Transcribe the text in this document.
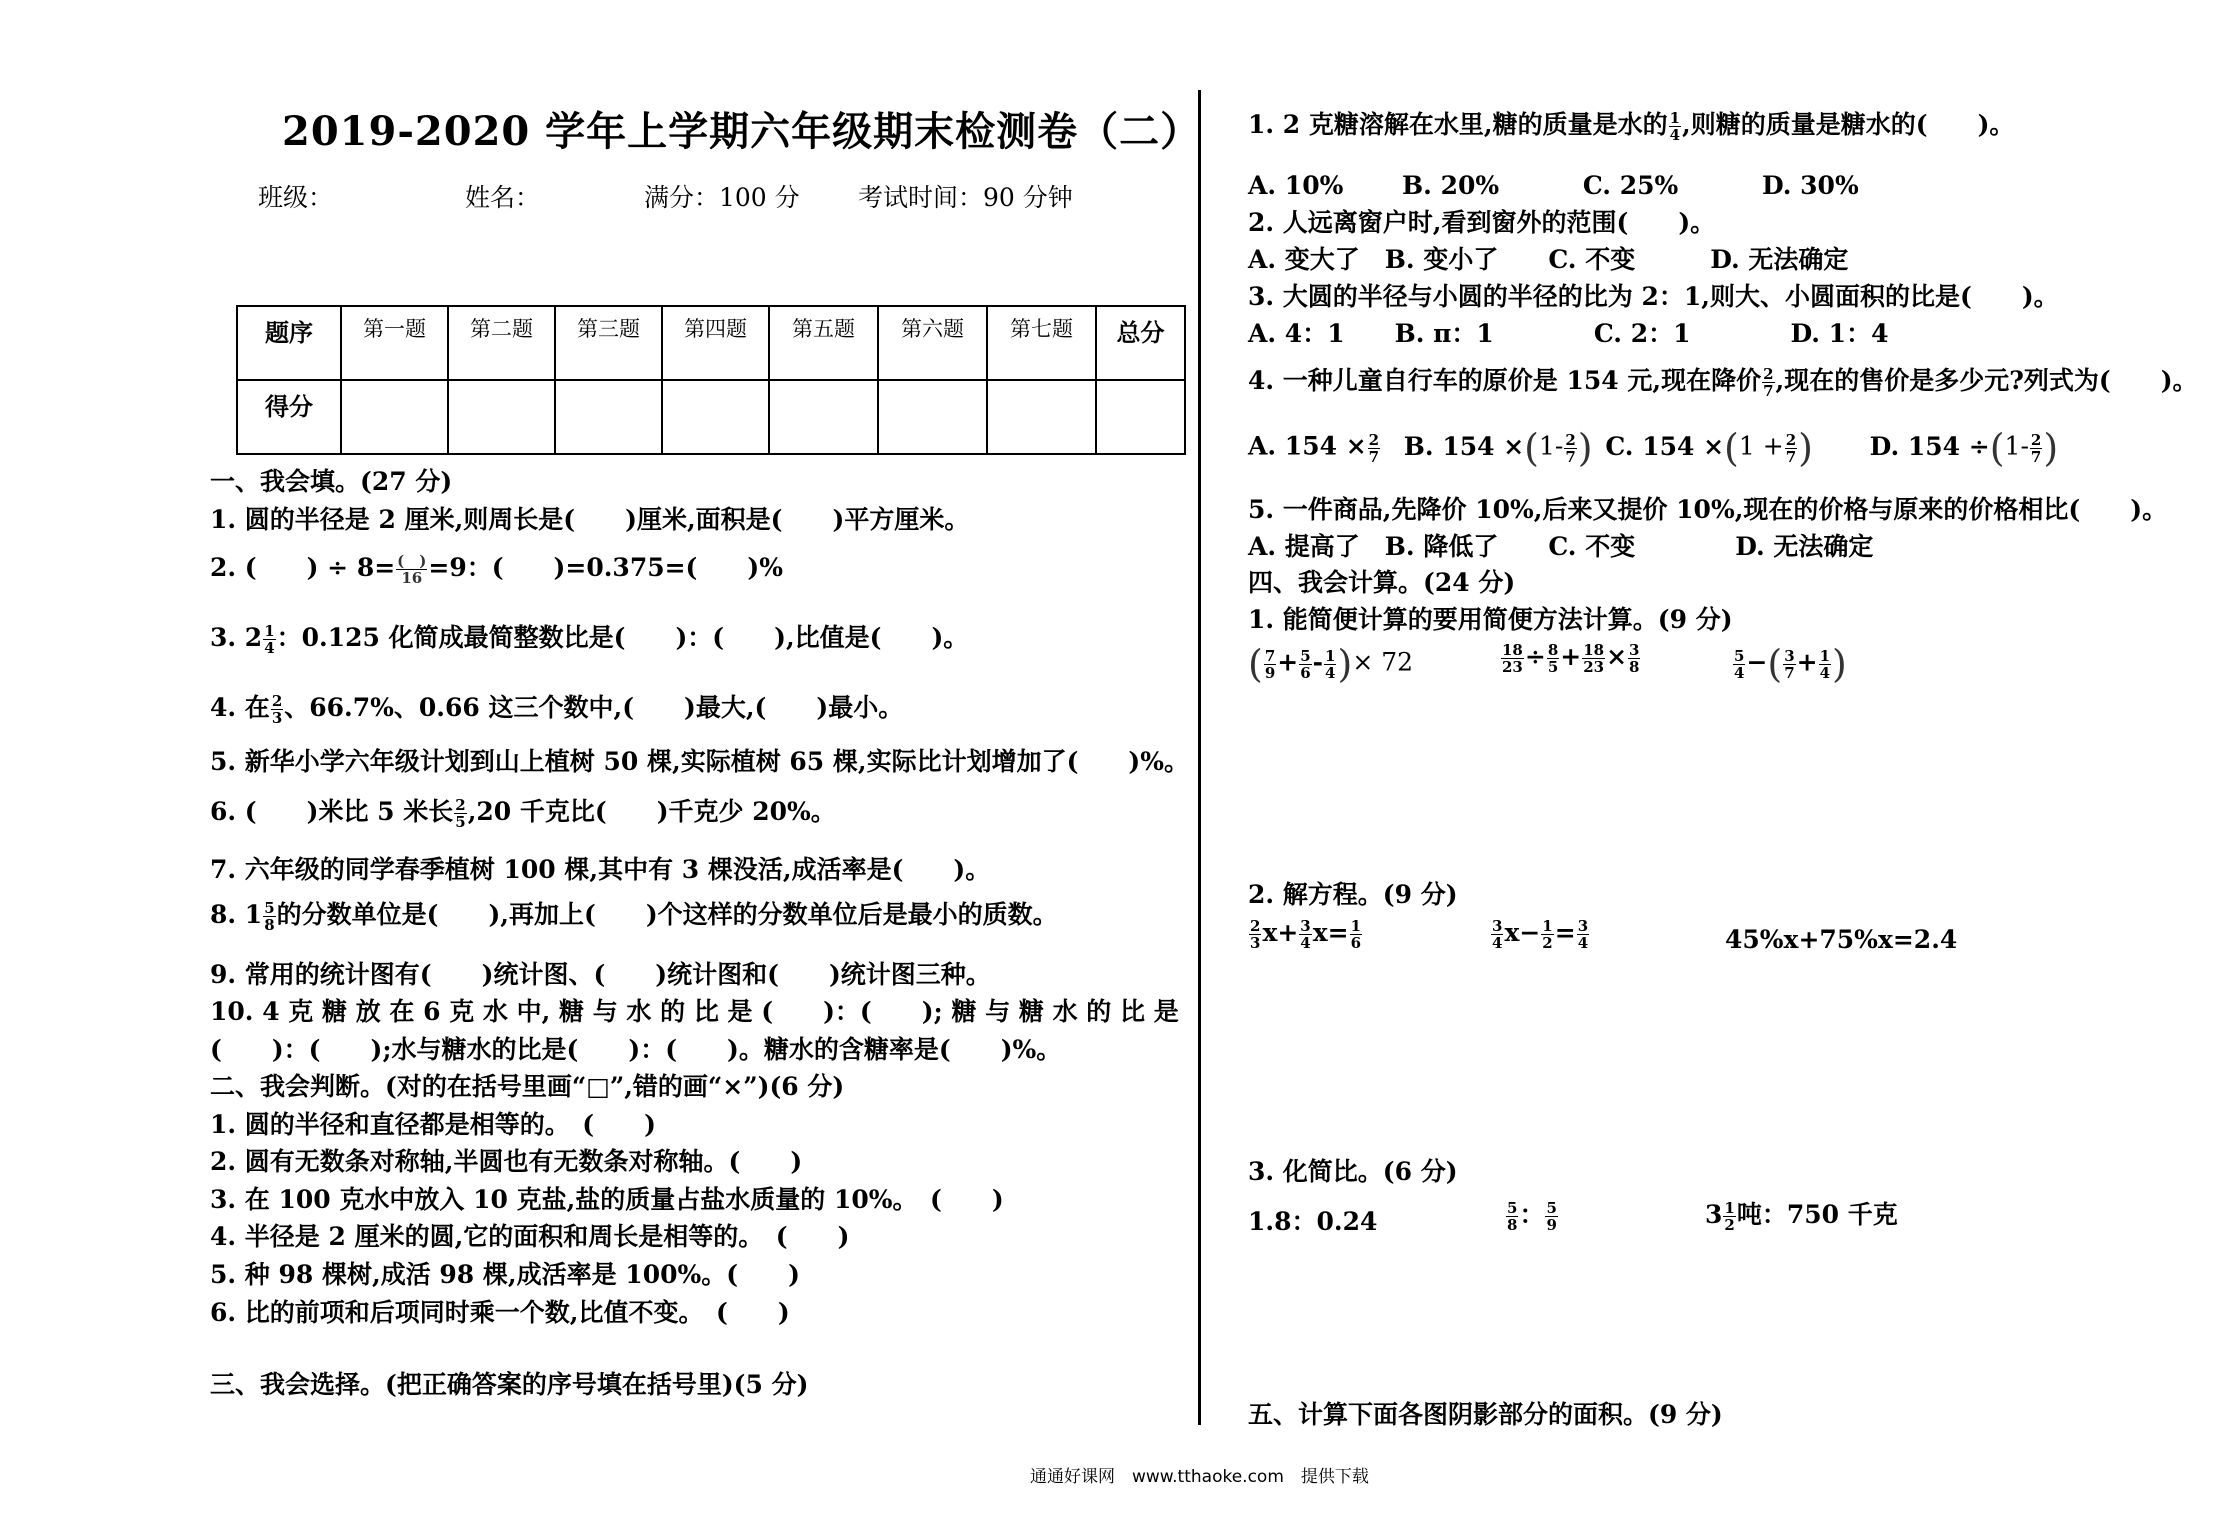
2019-2020 学年上学期六年级期末检测卷（二）
班级：	姓名：	满分：100 分 考试时间：90 分钟
题序	第一题	第二题	第三题	第四题	第五题	第六题	第七题	总分
得分								
一、我会填。(27 分)
1. 圆的半径是 2 厘米,则周长是(　　)厘米,面积是(　　)平方厘米。
2. (　　) ÷ $8= \frac{( )}{16} =9$：(　　)=0.375=(　　)%
3. $2 \frac{1}{4}$ ：0.125 化简成最简整数比是(　　)：(　　),比值是(　　)。
4. 在 $\frac{2}{3}$ 、66.7%、0.66 这三个数中,(　　)最大,(　　)最小。
5. 新华小学六年级计划到山上植树 50 棵,实际植树 65 棵,实际比计划增加了(　　)%。
6. (　　)米比 5 米长 $\frac{2}{5} ,20$ 千克比(　　)千克少 20%。
7. 六年级的同学春季植树 100 棵,其中有 3 棵没活,成活率是(　　)。
8. $1 \frac{5}{8}$ 的分数单位是(　　),再加上(　　)个这样的分数单位后是最小的质数。
9. 常用的统计图有(　　)统计图、(　　)统计图和(　　)统计图三种。
10. 4 克 糖 放 在 6 克 水 中, 糖 与 水 的 比 是 (　　)：(　　); 糖 与 糖 水 的 比 是
(　　)：(　　);水与糖水的比是(　　)：(　　)。糖水的含糖率是(　　)%。
二、我会判断。(对的在括号里画“□”,错的画“×”)(6 分)
1. 圆的半径和直径都是相等的。　(　　)
2. 圆有无数条对称轴,半圆也有无数条对称轴。(　　)
3. 在 100 克水中放入 10 克盐,盐的质量占盐水质量的 10%。　(　　)
4. 半径是 2 厘米的圆,它的面积和周长是相等的。　(　　)
5. 种 98 棵树,成活 98 棵,成活率是 100%。(　　)
6. 比的前项和后项同时乘一个数,比值不变。　(　　)
三、我会选择。(把正确答案的序号填在括号里)(5 分)
1. 2 克糖溶解在水里,糖的质量是水的 $\frac{1}{4}$ ,则糖的质量是糖水的(　　)。
A. 10%　　 B. 20%　　　 C. 25%　　　 D. 30%
2. 人远离窗户时,看到窗外的范围(　　)。
A. 变大了　B. 变小了　　C. 不变　　　D. 无法确定
3. 大圆的半径与小圆的半径的比为 2：1,则大、小圆面积的比是(　　)。
A. 4：1　　B. π：1　　　　C. 2：1　　　　D. 1：4
4. 一种儿童自行车的原价是 154 元,现在降价 $\frac{2}{7}$ ,现在的售价是多少元?列式为(　　)。
A. $154 \times \frac{2}{7} B$. $154 \times(1- \frac{2}{7}$ ) C. $154 \times(1 + \frac{2}{7}$ ) D. $154 \div(1- \frac{2}{7}$ )
5. 一件商品,先降价 10%,后来又提价 10%,现在的价格与原来的价格相比(　　)。
A. 提高了　B. 降低了　　C. 不变　　　　D. 无法确定
四、我会计算。(24 分)
1. 能简便计算的要用简便方法计算。(9 分)
( $\frac{7}{9} + \frac{5}{6} - \frac{1}{4}$ )× 72	$\frac{18}{23} \div \frac{8}{5} + \frac{18}{23} \times \frac{3}{8}$	$\frac{5}{4}$ −( $\frac{3}{7} + \frac{1}{4}$ )
2. 解方程。(9 分)
$\frac{2}{3} x+ \frac{3}{4} x= \frac{1}{6}$	$\frac{3}{4} x- \frac{1}{2} = \frac{3}{4}$	45%x+75%x=2.4
3. 化简比。(6 分)
1.8：0.24	$\frac{5}{8}$ ： $\frac{5}{9}$	$3 \frac{1}{2}$ 吨：750 千克
五、计算下面各图阴影部分的面积。(9 分)
通通好课网　www.tthaoke.com　提供下载
